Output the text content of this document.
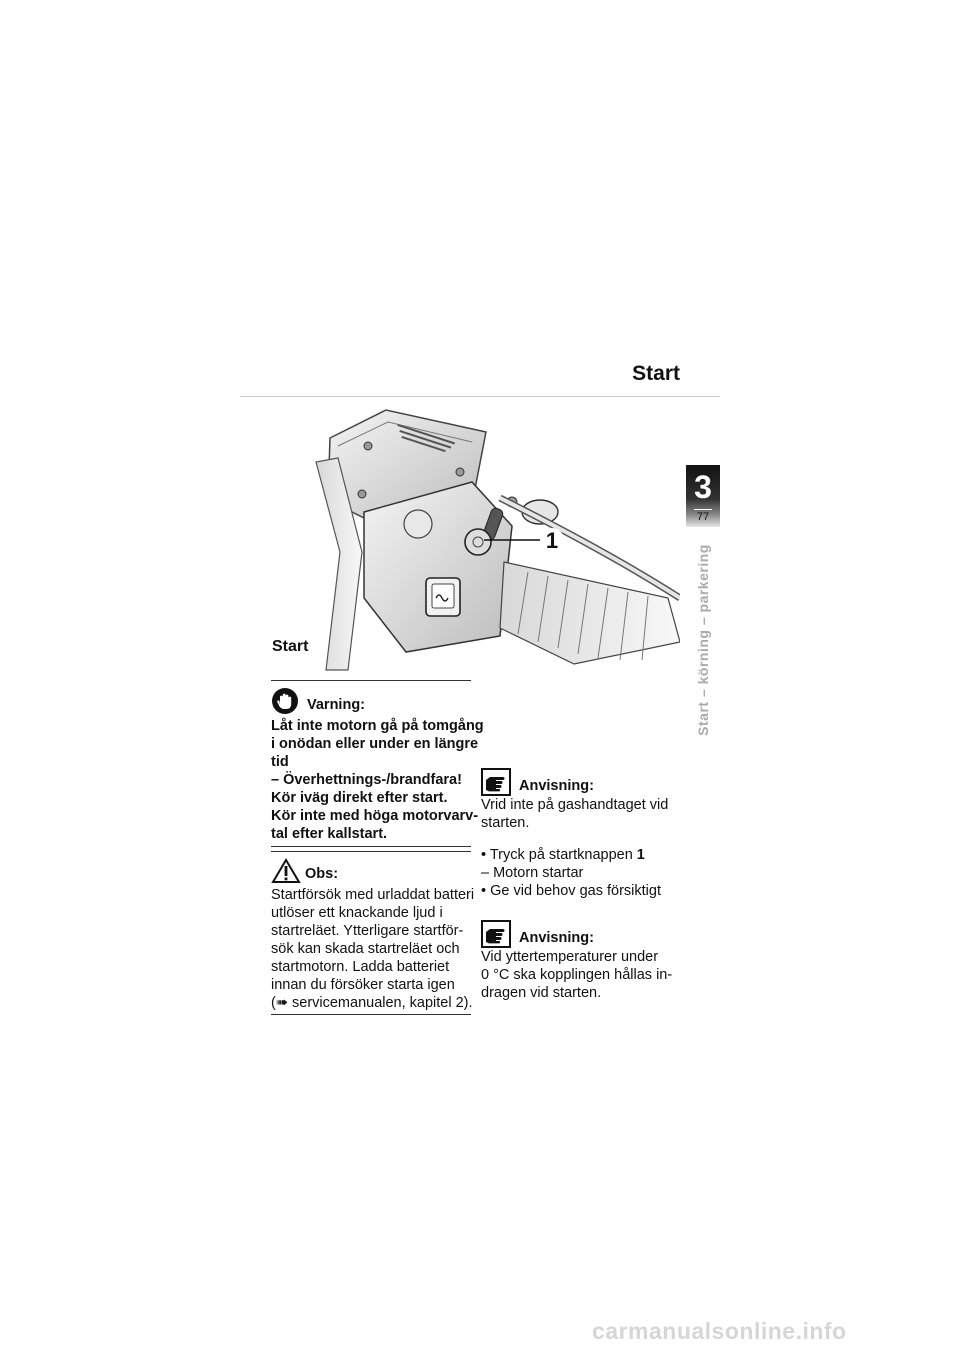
Start
3
77
Start – körning – parkering
1
Start
Varning:
Låt inte motorn gå på tomgång
i onödan eller under en längre
tid
– Överhettnings-/brandfara!
Kör iväg direkt efter start.
Kör inte med höga motorvarv-
tal efter kallstart.
Obs:
Startförsök med urladdat batteri
utlöser ett knackande ljud i
startreläet. Ytterligare startför-
sök kan skada startreläet och
startmotorn. Ladda batteriet
innan du försöker starta igen
(➠ servicemanualen, kapitel 2).
Anvisning:
Vrid inte på gashandtaget vid
starten.
• Tryck på startknappen 1
– Motorn startar
• Ge vid behov gas försiktigt
Anvisning:
Vid yttertemperaturer under
0 °C ska kopplingen hållas in-
dragen vid starten.
carmanualsonline.info
